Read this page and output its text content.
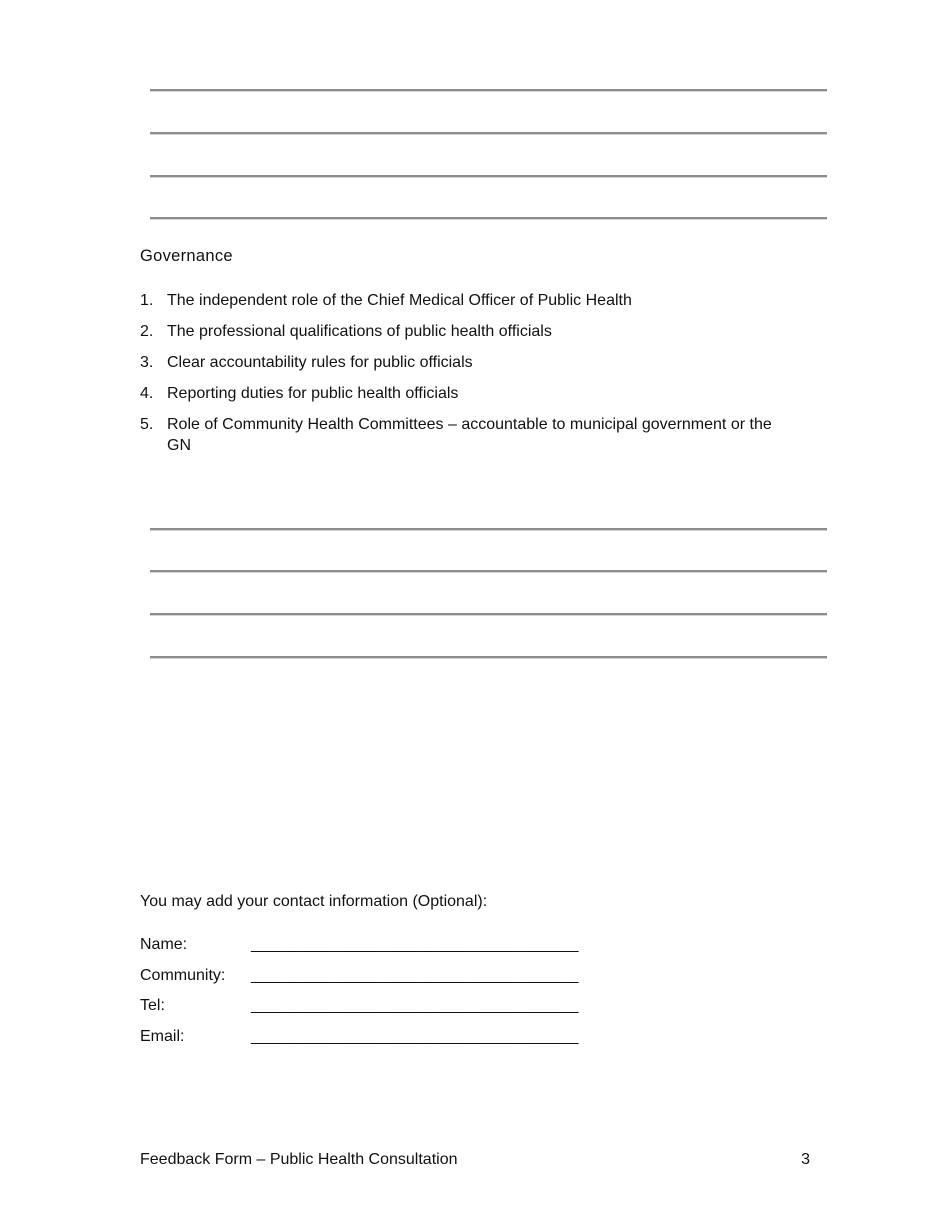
Governance
1. The independent role of the Chief Medical Officer of Public Health
2. The professional qualifications of public health officials
3. Clear accountability rules for public officials
4. Reporting duties for public health officials
5. Role of Community Health Committees – accountable to municipal government or the GN
You may add your contact information (Optional):
Name:	____________________________________
Community: ____________________________________
Tel:	____________________________________
Email:	____________________________________
Feedback Form – Public Health Consultation	3
